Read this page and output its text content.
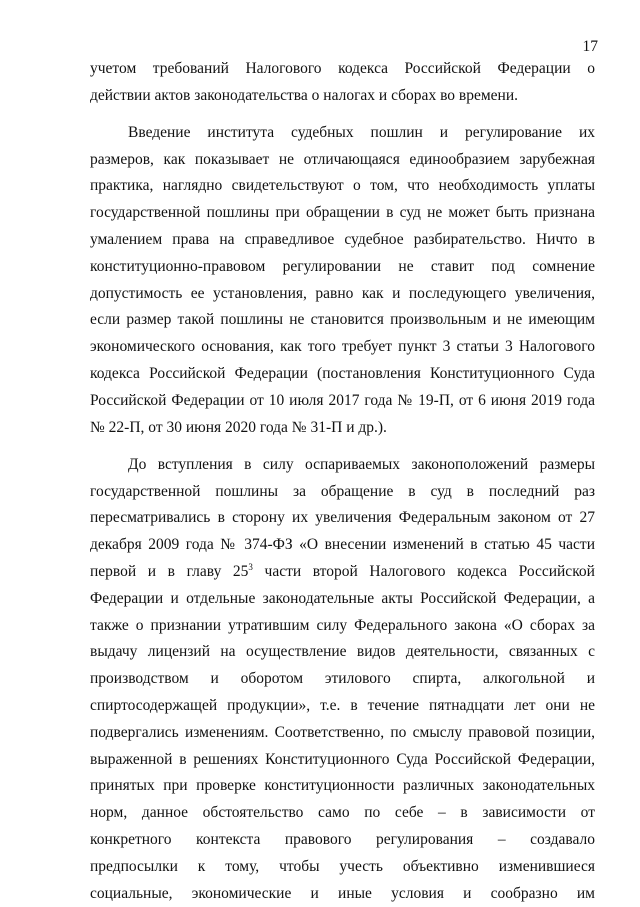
17
учетом требований Налогового кодекса Российской Федерации о
действии актов законодательства о налогах и сборах во времени.
Введение института судебных пошлин и регулирование их
размеров, как показывает не отличающаяся единообразием зарубежная
практика, наглядно свидетельствуют о том, что необходимость уплаты
государственной пошлины при обращении в суд не может быть признана
умалением права на справедливое судебное разбирательство. Ничто в
конституционно-правовом регулировании не ставит под сомнение
допустимость ее установления, равно как и последующего увеличения,
если размер такой пошлины не становится произвольным и не имеющим
экономического основания, как того требует пункт 3 статьи 3 Налогового
кодекса Российской Федерации (постановления Конституционного Суда
Российской Федерации от 10 июля 2017 года № 19-П, от 6 июня 2019 года
№ 22-П, от 30 июня 2020 года № 31-П и др.).
До вступления в силу оспариваемых законоположений размеры
государственной пошлины за обращение в суд в последний раз
пересматривались в сторону их увеличения Федеральным законом от 27
декабря 2009 года № 374-ФЗ «О внесении изменений в статью 45 части
первой и в главу $25^3$ части второй Налогового кодекса Российской
Федерации и отдельные законодательные акты Российской Федерации, а
также о признании утратившим силу Федерального закона «О сборах за
выдачу лицензий на осуществление видов деятельности, связанных с
производством и оборотом этилового спирта, алкогольной и
спиртосодержащей продукции», т.е. в течение пятнадцати лет они не
подвергались изменениям. Соответственно, по смыслу правовой позиции,
выраженной в решениях Конституционного Суда Российской Федерации,
принятых при проверке конституционности различных законодательных
норм, данное обстоятельство само по себе – в зависимости от
конкретного контекста правового регулирования – создавало
предпосылки к тому, чтобы учесть объективно изменившиеся
социальные, экономические и иные условия и сообразно им
